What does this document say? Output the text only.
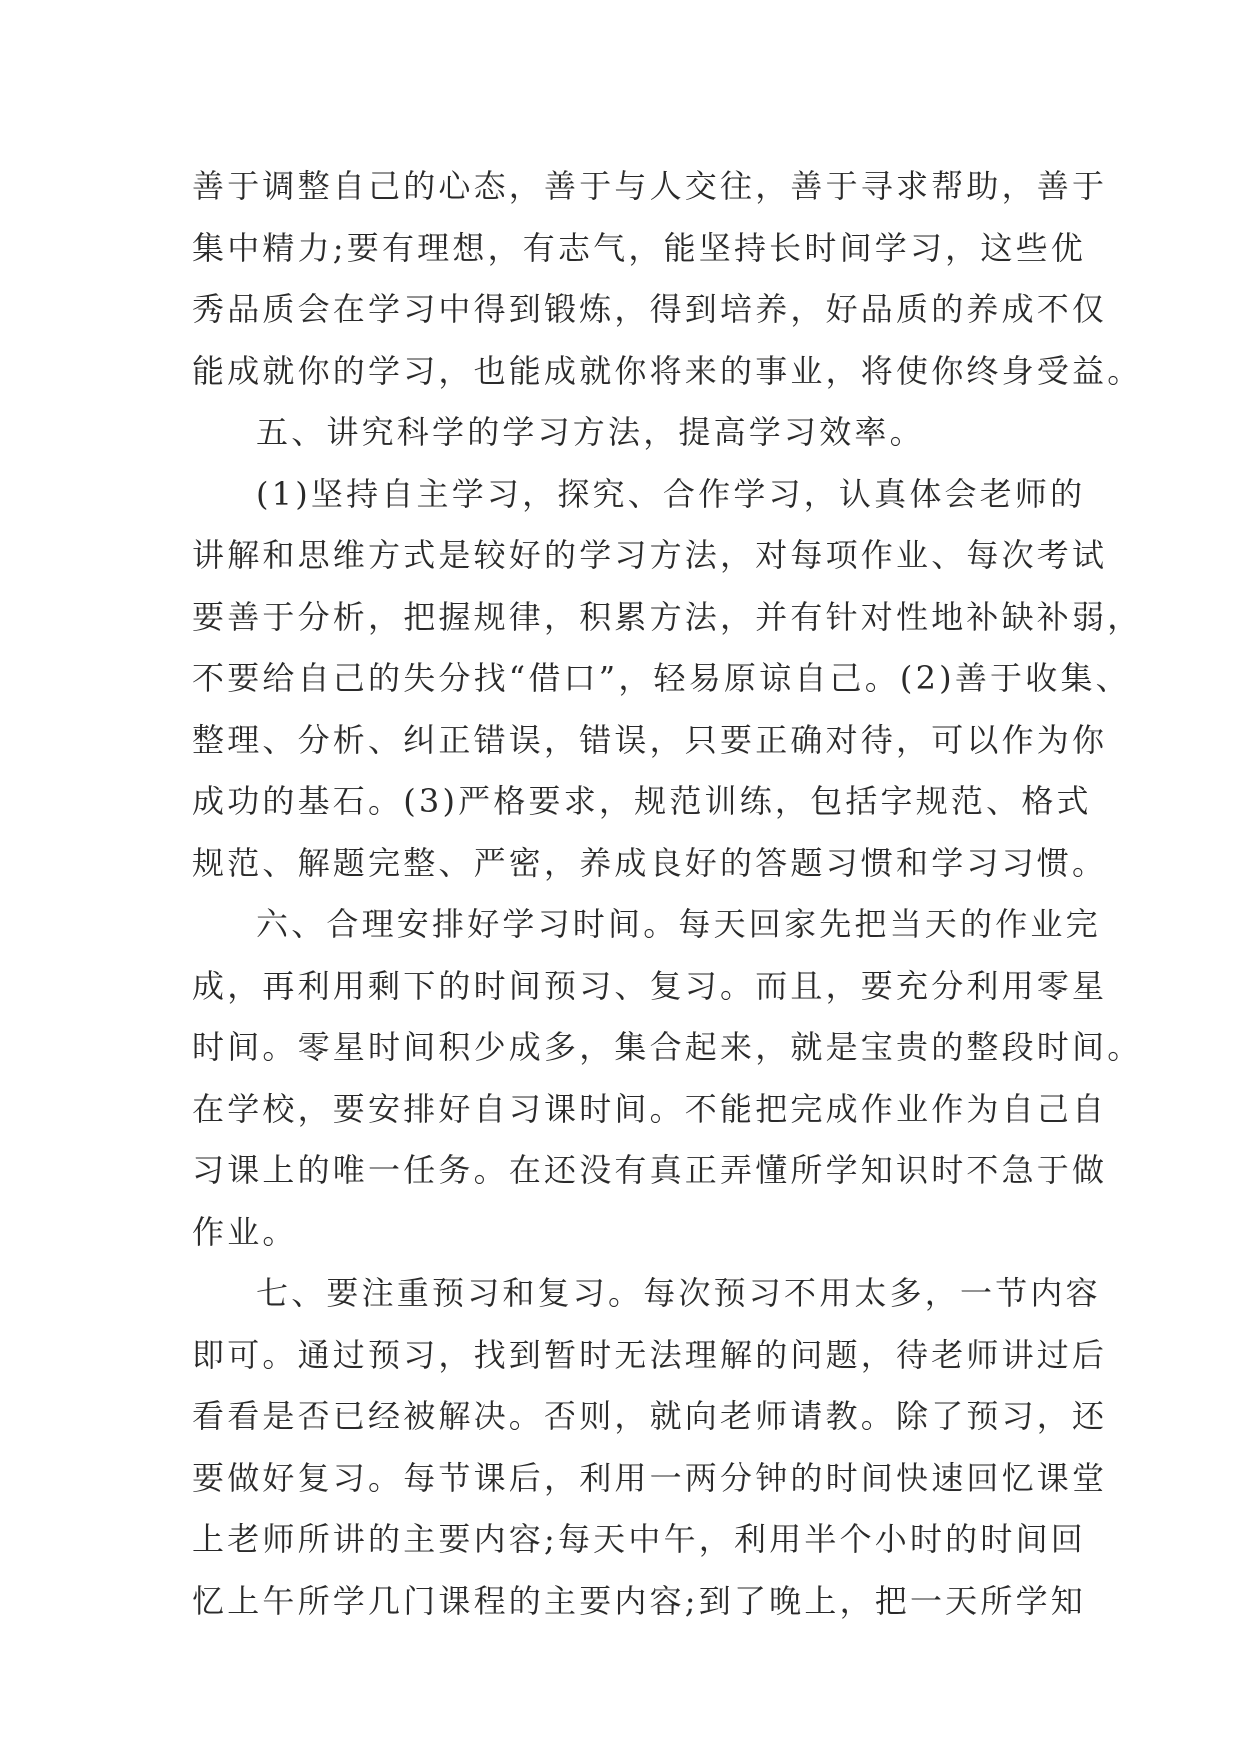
善于调整自己的心态，善于与人交往，善于寻求帮助，善于
集中精力;要有理想，有志气，能坚持长时间学习，这些优
秀品质会在学习中得到锻炼，得到培养，好品质的养成不仅
能成就你的学习，也能成就你将来的事业，将使你终身受益。
五、讲究科学的学习方法，提高学习效率。
(1)坚持自主学习，探究、合作学习，认真体会老师的
讲解和思维方式是较好的学习方法，对每项作业、每次考试
要善于分析，把握规律，积累方法，并有针对性地补缺补弱，
不要给自己的失分找“借口”，轻易原谅自己。(2)善于收集、
整理、分析、纠正错误，错误，只要正确对待，可以作为你
成功的基石。(3)严格要求，规范训练，包括字规范、格式
规范、解题完整、严密，养成良好的答题习惯和学习习惯。
六、合理安排好学习时间。每天回家先把当天的作业完
成，再利用剩下的时间预习、复习。而且，要充分利用零星
时间。零星时间积少成多，集合起来，就是宝贵的整段时间。
在学校，要安排好自习课时间。不能把完成作业作为自己自
习课上的唯一任务。在还没有真正弄懂所学知识时不急于做
作业。
七、要注重预习和复习。每次预习不用太多，一节内容
即可。通过预习，找到暂时无法理解的问题，待老师讲过后
看看是否已经被解决。否则，就向老师请教。除了预习，还
要做好复习。每节课后，利用一两分钟的时间快速回忆课堂
上老师所讲的主要内容;每天中午，利用半个小时的时间回
忆上午所学几门课程的主要内容;到了晚上，把一天所学知
